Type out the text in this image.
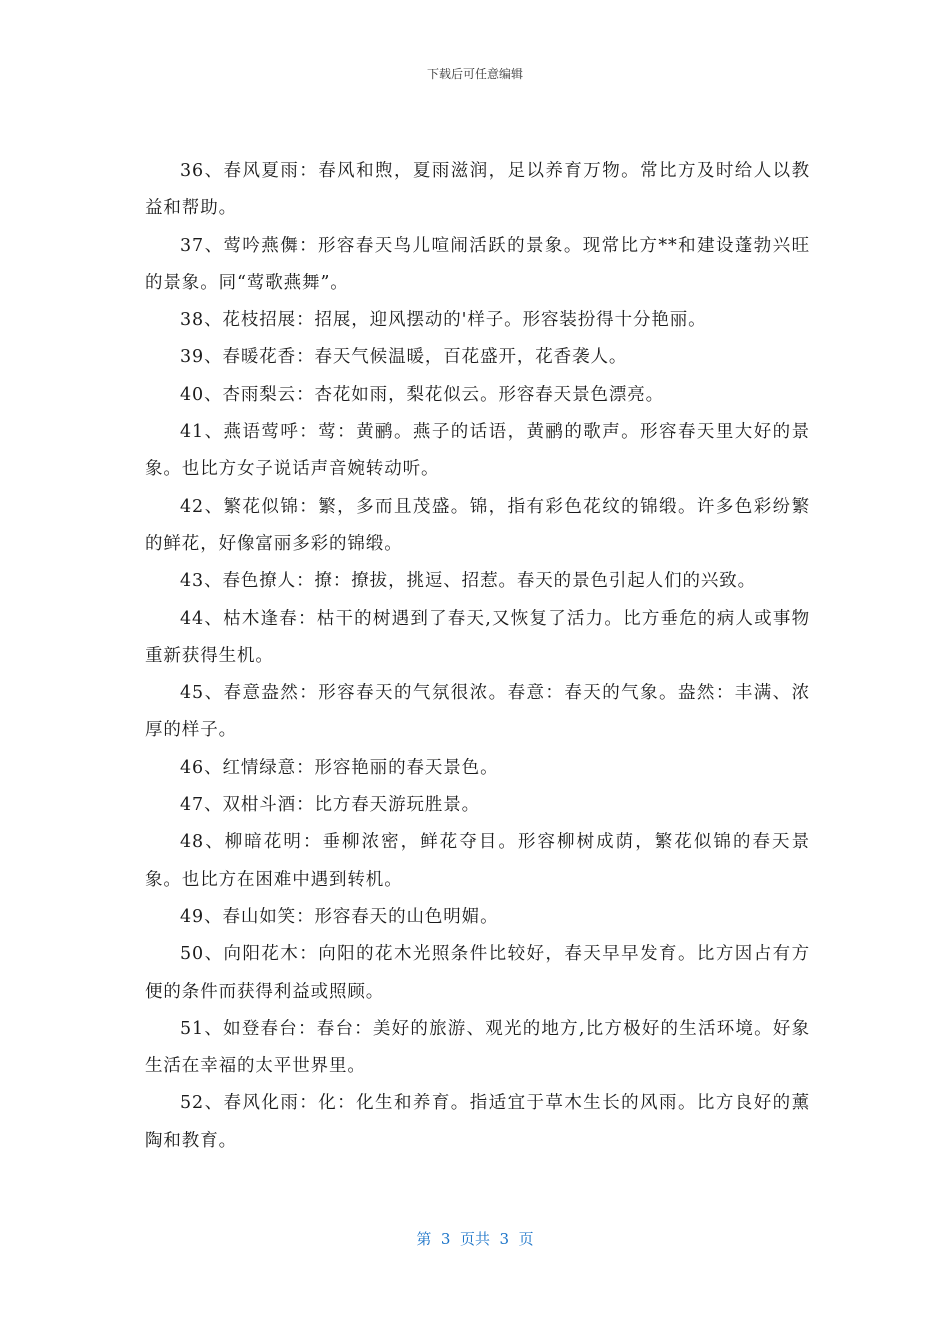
下载后可任意编辑

36、春风夏雨：春风和煦，夏雨滋润，足以养育万物。常比方及时给人以教益和帮助。

37、莺吟燕儛：形容春天鸟儿喧闹活跃的景象。现常比方**和建设蓬勃兴旺的景象。同“莺歌燕舞”。

38、花枝招展：招展，迎风摆动的'样子。形容装扮得十分艳丽。

39、春暖花香：春天气候温暖，百花盛开，花香袭人。

40、杏雨梨云：杏花如雨，梨花似云。形容春天景色漂亮。

41、燕语莺呼：莺：黄鹂。燕子的话语，黄鹂的歌声。形容春天里大好的景象。也比方女子说话声音婉转动听。

42、繁花似锦：繁，多而且茂盛。锦，指有彩色花纹的锦缎。许多色彩纷繁的鲜花，好像富丽多彩的锦缎。

43、春色撩人：撩：撩拔，挑逗、招惹。春天的景色引起人们的兴致。

44、枯木逢春：枯干的树遇到了春天,又恢复了活力。比方垂危的病人或事物重新获得生机。

45、春意盎然：形容春天的气氛很浓。春意：春天的气象。盎然：丰满、浓厚的样子。

46、红情绿意：形容艳丽的春天景色。

47、双柑斗酒：比方春天游玩胜景。

48、柳暗花明：垂柳浓密，鲜花夺目。形容柳树成荫，繁花似锦的春天景象。也比方在困难中遇到转机。

49、春山如笑：形容春天的山色明媚。

50、向阳花木：向阳的花木光照条件比较好，春天早早发育。比方因占有方便的条件而获得利益或照顾。

51、如登春台：春台：美好的旅游、观光的地方,比方极好的生活环境。好象生活在幸福的太平世界里。

52、春风化雨：化：化生和养育。指适宜于草木生长的风雨。比方良好的薰陶和教育。

第  3  页共  3  页
